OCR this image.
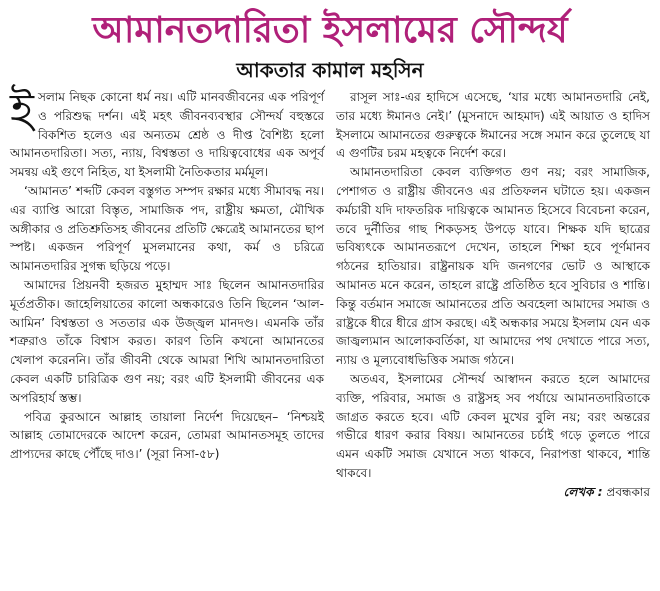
আমানতদারিতা ইসলামের সৌন্দর্য
আকতার কামাল মহসিন

ইসলাম নিছক কোনো ধর্ম নয়। এটি মানবজীবনের এক পরিপূর্ণ ও পরিশুদ্ধ দর্শন। এই মহৎ জীবনব্যবস্থার সৌন্দর্য বহুস্তরে বিকশিত হলেও এর অন্যতম শ্রেষ্ঠ ও দীপ্ত বৈশিষ্ট্য হলো আমানতদারিতা। সত্য, ন্যায়, বিশ্বস্ততা ও দায়িত্ববোধের এক অপূর্ব সমন্বয় এই গুণে নিহিত, যা ইসলামী নৈতিকতার মর্মমূল।

‘আমানত’ শব্দটি কেবল বস্তুগত সম্পদ রক্ষার মধ্যে সীমাবদ্ধ নয়। এর ব্যাপ্তি আরো বিস্তৃত, সামাজিক পদ, রাষ্ট্রীয় ক্ষমতা, মৌখিক অঙ্গীকার ও প্রতিশ্রুতিসহ জীবনের প্রতিটি ক্ষেত্রেই আমানতের ছাপ স্পষ্ট। একজন পরিপূর্ণ মুসলমানের কথা, কর্ম ও চরিত্রে আমানতদারির সুগন্ধ ছড়িয়ে পড়ে।

আমাদের প্রিয়নবী হজরত মুহাম্মদ সাঃ ছিলেন আমানতদারির মূর্তপ্রতীক। জাহেলিয়াতের কালো অন্ধকারেও তিনি ছিলেন ‘আল-আমিন’ বিশ্বস্ততা ও সততার এক উজ্জ্বল মানদণ্ড। এমনকি তাঁর শত্রুরাও তাঁকে বিশ্বাস করত। কারণ তিনি কখনো আমানতের খেলাপ করেননি। তাঁর জীবনী থেকে আমরা শিখি আমানতদারিতা কেবল একটি চারিত্রিক গুণ নয়; বরং এটি ইসলামী জীবনের এক অপরিহার্য স্তম্ভ।

পবিত্র কুরআনে আল্লাহ তায়ালা নির্দেশ দিয়েছেন– ‘নিশ্চয়ই আল্লাহ তোমাদেরকে আদেশ করেন, তোমরা আমানতসমূহ তাদের প্রাপ্যদের কাছে পৌঁছে দাও।’ (সূরা নিসা-৫৮)

রাসূল সাঃ-এর হাদিসে এসেছে, ‘যার মধ্যে আমানতদারি নেই, তার মধ্যে ঈমানও নেই।’ (মুসনাদে আহমাদ) এই আয়াত ও হাদিস ইসলামে আমানতের গুরুত্বকে ঈমানের সঙ্গে সমান করে তুলেছে যা এ গুণটির চরম মহত্বকে নির্দেশ করে।

আমানতদারিতা কেবল ব্যক্তিগত গুণ নয়; বরং সামাজিক, পেশাগত ও রাষ্ট্রীয় জীবনেও এর প্রতিফলন ঘটাতে হয়। একজন কর্মচারী যদি দাফতরিক দায়িত্বকে আমানত হিসেবে বিবেচনা করেন, তবে দুর্নীতির গাছ শিকড়সহ উপড়ে যাবে। শিক্ষক যদি ছাত্রের ভবিষ্যৎকে আমানতরূপে দেখেন, তাহলে শিক্ষা হবে পূর্ণমানব গঠনের হাতিয়ার। রাষ্ট্রনায়ক যদি জনগণের ভোট ও আস্থাকে আমানত মনে করেন, তাহলে রাষ্ট্রে প্রতিষ্ঠিত হবে সুবিচার ও শান্তি। কিন্তু বর্তমান সমাজে আমানতের প্রতি অবহেলা আমাদের সমাজ ও রাষ্ট্রকে ধীরে ধীরে গ্রাস করছে। এই অন্ধকার সময়ে ইসলাম যেন এক জাজ্বল্যমান আলোকবর্তিকা, যা আমাদের পথ দেখাতে পারে সত্য, ন্যায় ও মূল্যবোধভিত্তিক সমাজ গঠনে।

অতএব, ইসলামের সৌন্দর্য আস্বাদন করতে হলে আমাদের ব্যক্তি, পরিবার, সমাজ ও রাষ্ট্রসহ সব পর্যায়ে আমানতদারিতাকে জাগ্রত করতে হবে। এটি কেবল মুখের বুলি নয়; বরং অন্তরের গভীরে ধারণ করার বিষয়। আমানতের চর্চাই গড়ে তুলতে পারে এমন একটি সমাজ যেখানে সত্য থাকবে, নিরাপত্তা থাকবে, শান্তি থাকবে।

লেখক : প্রবন্ধকার
